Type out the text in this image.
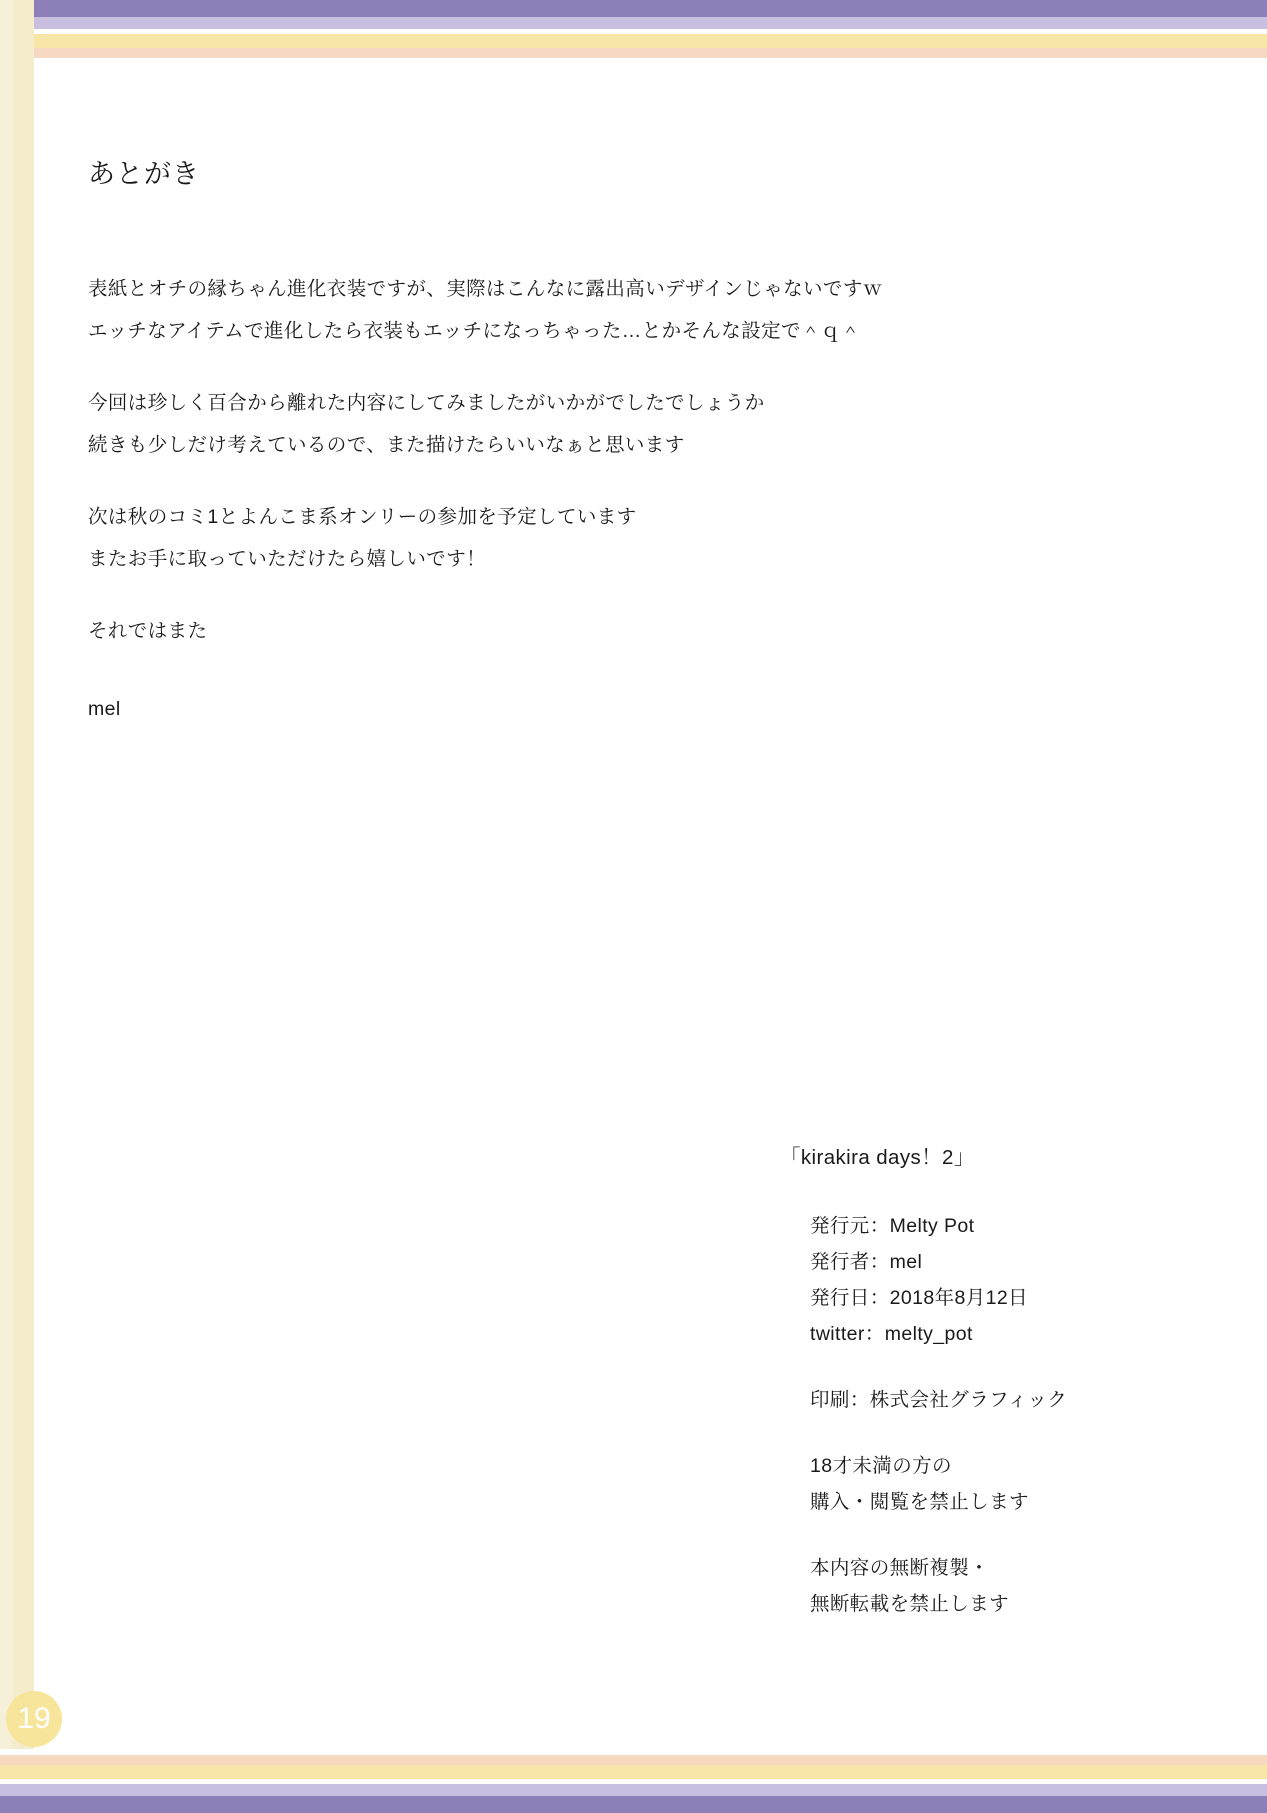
あとがき

表紙とオチの縁ちゃん進化衣装ですが、実際はこんなに露出高いデザインじゃないですｗ
エッチなアイテムで進化したら衣装もエッチになっちゃった…とかそんな設定で＾ｑ＾

今回は珍しく百合から離れた内容にしてみましたがいかがでしたでしょうか
続きも少しだけ考えているので、また描けたらいいなぁと思います

次は秋のコミ1とよんこま系オンリーの参加を予定しています
またお手に取っていただけたら嬉しいです！

それではまた

mel

「kirakira days！2」
発行元：Melty Pot
発行者：mel
発行日：2018年8月12日
twitter：melty_pot
印刷：株式会社グラフィック
18才未満の方の
購入・閲覧を禁止します
本内容の無断複製・
無断転載を禁止します
19
